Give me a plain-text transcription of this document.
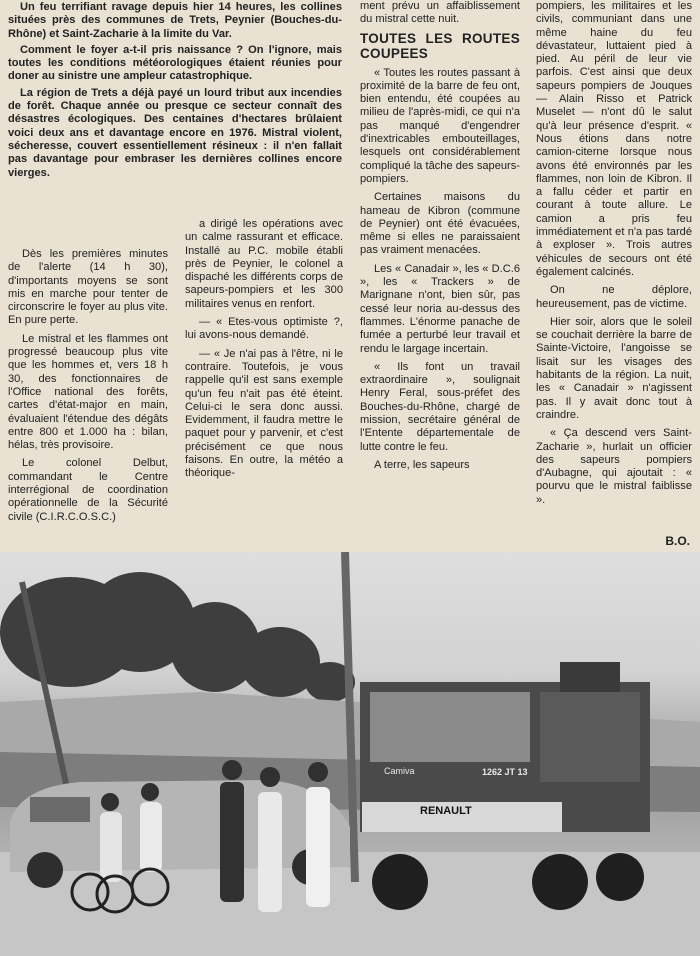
Un feu terrifiant ravage depuis hier 14 heures, les collines situées près des communes de Trets, Peynier (Bouches-du-Rhône) et Saint-Zacharie à la limite du Var.

Comment le foyer a-t-il pris naissance ? On l'ignore, mais toutes les conditions météorologiques étaient réunies pour doner au sinistre une ampleur catastrophique.

La région de Trets a déjà payé un lourd tribut aux incendies de forêt. Chaque année ou presque ce secteur connaît des désastres écologiques. Des centaines d'hectares brûlaient voici deux ans et davantage encore en 1976. Mistral violent, sécheresse, couvert essentiellement résineux : il n'en fallait pas davantage pour embraser les dernières collines encore vierges.

Dès les premières minutes de l'alerte (14 h 30), d'importants moyens se sont mis en marche pour tenter de circonscrire le foyer au plus vite. En pure perte.

Le mistral et les flammes ont progressé beaucoup plus vite que les hommes et, vers 18 h 30, des fonctionnaires de l'Office national des forêts, cartes d'état-major en main, évaluaient l'étendue des dégâts entre 800 et 1.000 ha : bilan, hélas, très provisoire.

Le colonel Delbut, commandant le Centre interrégional de coordination opérationnelle de la Sécurité civile (C.I.R.C.O.S.C.)

a dirigé les opérations avec un calme rassurant et efficace. Installé au P.C. mobile établi près de Peynier, le colonel a dispaché les différents corps de sapeurs-pompiers et les 300 militaires venus en renfort.

— « Etes-vous optimiste ?, lui avons-nous demandé.

— « Je n'ai pas à l'être, ni le contraire. Toutefois, je vous rappelle qu'il est sans exemple qu'un feu n'ait pas été éteint. Celui-ci le sera donc aussi. Evidemment, il faudra mettre le paquet pour y parvenir, et c'est précisément ce que nous faisons. En outre, la météo a théorique-

ment prévu un affaiblissement du mistral cette nuit.

TOUTES LES ROUTES COUPEES

« Toutes les routes passant à proximité de la barre de feu ont, bien entendu, été coupées au milieu de l'après-midi, ce qui n'a pas manqué d'engendrer d'inextricables embouteillages, lesquels ont considérablement compliqué la tâche des sapeurs-pompiers.

Certaines maisons du hameau de Kibron (commune de Peynier) ont été évacuées, même si elles ne paraissaient pas vraiment menacées.

Les « Canadair », les « D.C.6 », les « Trackers » de Marignane n'ont, bien sûr, pas cessé leur noria au-dessus des flammes. L'énorme panache de fumée a perturbé leur travail et rendu le largage incertain.

« Ils font un travail extraordinaire », soulignait Henry Feral, sous-préfet des Bouches-du-Rhône, chargé de mission, secrétaire général de l'Entente départementale de lutte contre le feu.

A terre, les sapeurs

pompiers, les militaires et les civils, communiant dans une même haine du feu dévastateur, luttaient pied à pied. Au péril de leur vie parfois. C'est ainsi que deux sapeurs pompiers de Jouques — Alain Risso et Patrick Muselet — n'ont dû le salut qu'à leur présence d'esprit. « Nous étions dans notre camion-citerne lorsque nous avons été environnés par les flammes, non loin de Kibron. Il a fallu céder et partir en courant à toute allure. Le camion a pris feu immédiatement et n'a pas tardé à exploser ». Trois autres véhicules de secours ont été également calcinés.

On ne déplore, heureusement, pas de victime.

Hier soir, alors que le soleil se couchait derrière la barre de Sainte-Victoire, l'angoisse se lisait sur les visages des habitants de la région. La nuit, les « Canadair » n'agissent pas. Il y avait donc tout à craindre.

« Ça descend vers Saint-Zacharie », hurlait un officier des sapeurs pompiers d'Aubagne, qui ajoutait : « pourvu que le mistral faiblisse ».

B.O.
RENAULT
1262 JT 13
Camiva
